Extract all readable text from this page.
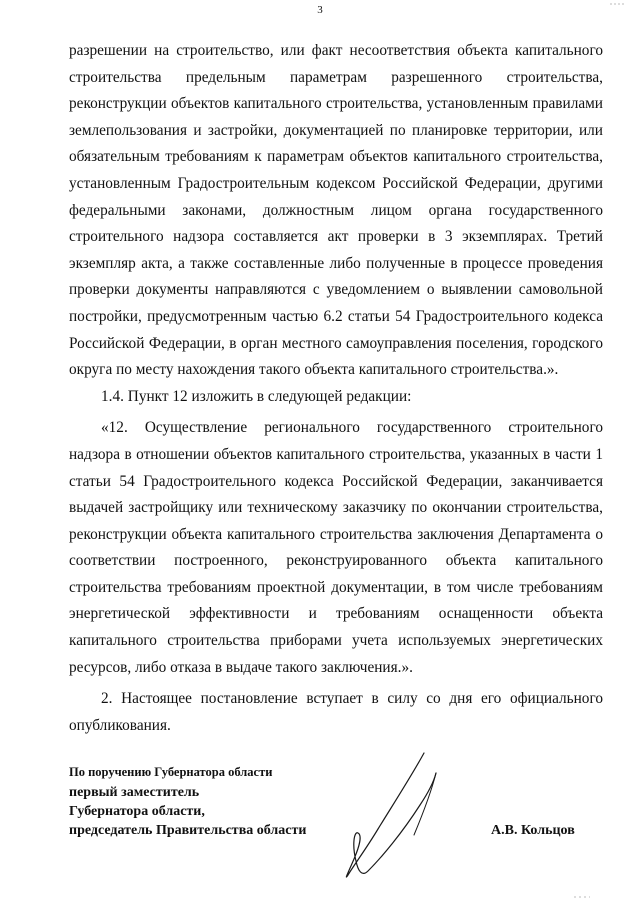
3

разрешении на строительство, или факт несоответствия объекта капитального строительства предельным параметрам разрешенного строительства, реконструкции объектов капитального строительства, установленным правилами землепользования и застройки, документацией по планировке территории, или обязательным требованиям к параметрам объектов капитального строительства, установленным Градостроительным кодексом Российской Федерации, другими федеральными законами, должностным лицом органа государственного строительного надзора составляется акт проверки в 3 экземплярах. Третий экземпляр акта, а также составленные либо полученные в процессе проведения проверки документы направляются с уведомлением о выявлении самовольной постройки, предусмотренным частью 6.2 статьи 54 Градостроительного кодекса Российской Федерации, в орган местного самоуправления поселения, городского округа по месту нахождения такого объекта капитального строительства.».

1.4. Пункт 12 изложить в следующей редакции:

«12. Осуществление регионального государственного строительного надзора в отношении объектов капитального строительства, указанных в части 1 статьи 54 Градостроительного кодекса Российской Федерации, заканчивается выдачей застройщику или техническому заказчику по окончании строительства, реконструкции объекта капитального строительства заключения Департамента о соответствии построенного, реконструированного объекта капитального строительства требованиям проектной документации, в том числе требованиям энергетической эффективности и требованиям оснащенности объекта капитального строительства приборами учета используемых энергетических ресурсов, либо отказа в выдаче такого заключения.».

2. Настоящее постановление вступает в силу со дня его официального опубликования.

По поручению Губернатора области
первый заместитель
Губернатора области,
председатель Правительства области	А.В. Кольцов
